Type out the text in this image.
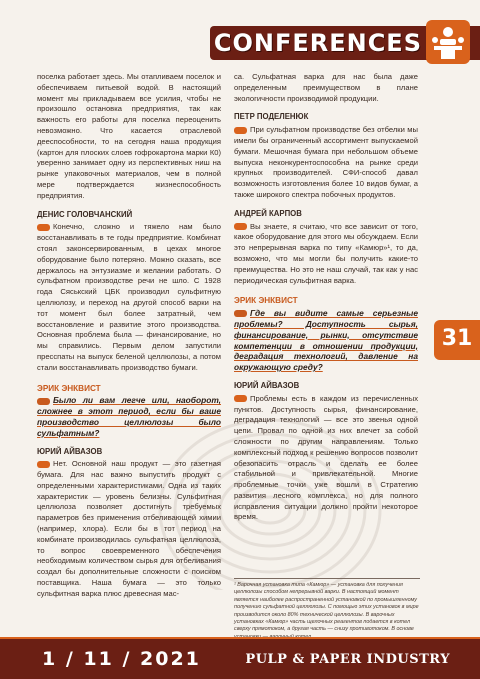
CONFERENCES
31

поселка работает здесь. Мы отапливаем поселок и обеспечиваем питьевой водой. В настоящий момент мы прикладываем все усилия, чтобы не произошло остановка предприятия, так как важность его работы для поселка переоценить невозможно. Что касается отраслевой дееспособности, то на сегодня наша продукция (картон для плоских слоев гофрокартона марки К0) уверенно занимает одну из перспективных ниш на рынке упаковочных материалов, чем в полной мере подтверждается жизнеспособность предприятия.

ДЕНИС ГОЛОВЧАНСКИЙ

Конечно, сложно и тяжело нам было восстанавливать в те годы предприятие. Комбинат стоял законсервированным, в цехах многое оборудование было потеряно. Можно сказать, все держалось на энтузиазме и желании работать. О сульфатном производстве речи не шло. С 1928 года Сяськский ЦБК производил сульфитную целлюлозу, и переход на другой способ варки на тот момент был более затратный, чем восстановление и развитие этого производства. Основная проблема была — финансирование, но мы справились. Первым делом запустили пресспаты на выпуск беленой целлюлозы, а потом стали восстанавливать производство бумаги.

ЭРИК ЭНКВИСТ
Было ли вам легче или, наоборот, сложнее в этот период, если бы ваше производство целлюлозы было сульфатным?
ЮРИЙ АЙВАЗОВ

Нет. Основной наш продукт — это газетная бумага. Для нас важно выпустить продукт с определенными характеристиками. Одна из таких характеристик — уровень белизны. Сульфитная целлюлоза позволяет достигнуть требуемых параметров без применения отбеливающей химии (например, хлора). Если бы в тот период на комбинате производилась сульфатная целлюлоза, то вопрос своевременного обеспечения необходимым количеством сырья для отбеливания создал бы дополнительные сложности с поиском поставщика. Наша бумага — это только сульфитная варка плюс древесная мас-

са. Сульфатная варка для нас была даже определенным преимуществом в плане экологичности производимой продукции.

ПЕТР ПОДЕЛЕНЮК

При сульфатном производстве без отбелки мы имели бы ограниченный ассортимент выпускаемой бумаги. Мешочная бумага при небольшом объеме выпуска неконкурентоспособна на рынке среди крупных производителей. СФИ-способ давал возможность изготовления более 10 видов бумаг, а также широкого спектра побочных продуктов.

АНДРЕЙ КАРПОВ

Вы знаете, я считаю, что все зависит от того, какое оборудование для этого мы обсуждаем. Если это непрерывная варка по типу «Камюр»¹, то да, возможно, что мы могли бы получить какие-то преимущества. Но это не наш случай, так как у нас периодическая сульфитная варка.

ЭРИК ЭНКВИСТ
Где вы видите самые серьезные проблемы? Доступность сырья, финансирование, рынки, отсутствие компетенции в отношении продукции, деградация технологий, давление на окружающую среду?
ЮРИЙ АЙВАЗОВ

Проблемы есть в каждом из перечисленных пунктов. Доступность сырья, финансирование, деградация технологий — все это звенья одной цепи. Провал по одной из них влечет за собой сложности по другим направлениям. Только комплексный подход к решению вопросов позволит обезопасить отрасль и сделать ее более стабильной и привлекательной. Многие проблемные точки уже вошли в Стратегию развития лесного комплекса, но для полного исправления ситуации должно пройти некоторое время.

¹ Варочная установка типа «Камюр» — установка для получения целлюлозы способом непрерывной варки. В настоящий момент является наиболее распространенной установкой по промышленному получению сульфатной целлюлозы. С помощью этих установок в мире производится около 80% технической целлюлозы. В варочных установках «Камюр» часть щелочных реагентов подается в котел сверху прямотоком, а другая часть — снизу противотоком. В основе
1 / 11 / 2021	PULP & PAPER INDUSTRY
